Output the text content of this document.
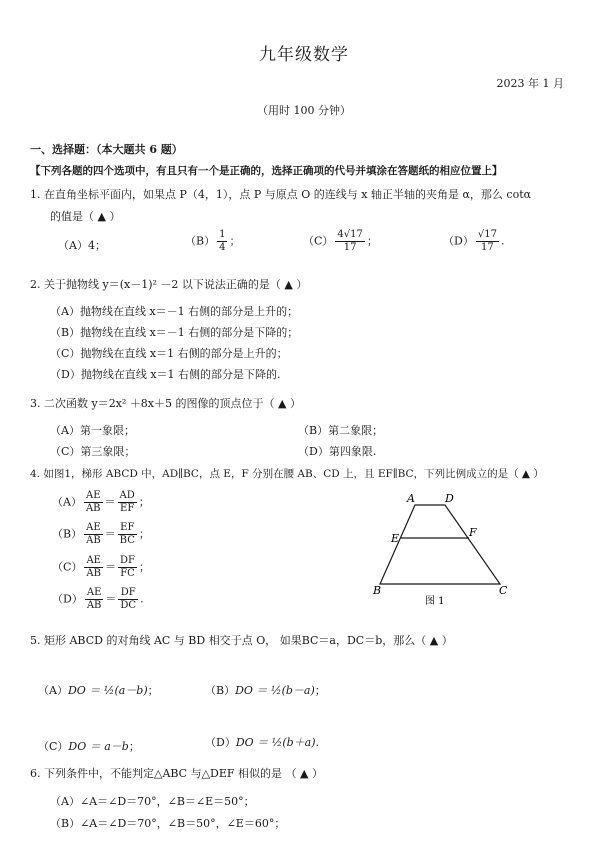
九年级数学
2023 年 1 月
（用时 100 分钟）
一、选择题：（本大题共 6 题）
【下列各题的四个选项中，有且只有一个是正确的，选择正确项的代号并填涂在答题纸的相应位置上】
1. 在直角坐标平面内，如果点 P（4，1），点 P 与原点 O 的连线与 x 轴正半轴的夹角是 α，那么 cotα
的值是（ ▲ ）
（A）4；	$(B) \frac{1}{4}$ ；	$(C) \frac{4√17}{17}$ ；	$(D) \frac{√17}{17}$ .
2. 关于抛物线 y＝(x－1)² －2 以下说法正确的是（ ▲ ）
（A）抛物线在直线 x＝－1 右侧的部分是上升的；
（B）抛物线在直线 x＝－1 右侧的部分是下降的；
（C）抛物线在直线 x＝1 右侧的部分是上升的；
（D）抛物线在直线 x＝1 右侧的部分是下降的.
3. 二次函数 y＝2x² ＋8x＋5 的图像的顶点位于（ ▲ ）
（A）第一象限；	（B）第二象限；
（C）第三象限；	（D）第四象限.
4. 如图1，梯形 ABCD 中，AD∥BC，点 E，F 分别在腰 AB、CD 上，且 EF∥BC，下列比例成立的是（ ▲ ）
$(A) \frac{AE}{AB} = \frac{AD}{EF}$ ；
$(B) \frac{AE}{AB} = \frac{EF}{BC}$ ；
$(C) \frac{AE}{AB} = \frac{DF}{FC}$ ；
$(D) \frac{AE}{AB} = \frac{DF}{DC}$ .
A	D
E	F
B	C
图 1
5. 矩形 ABCD 的对角线 AC 与 BD 相交于点 O， 如果BC＝a，DC＝b，那么（ ▲ ）
（A）DO ＝ ½(a－b)；	（B）DO ＝ ½(b－a)；
（C）DO ＝ a－b；	（D）DO ＝ ½(b＋a).
6. 下列条件中，不能判定△ABC 与△DEF 相似的是 （ ▲ ）
（A）∠A＝∠D＝70°，∠B＝∠E＝50°；
（B）∠A＝∠D＝70°，∠B＝50°，∠E＝60°；
